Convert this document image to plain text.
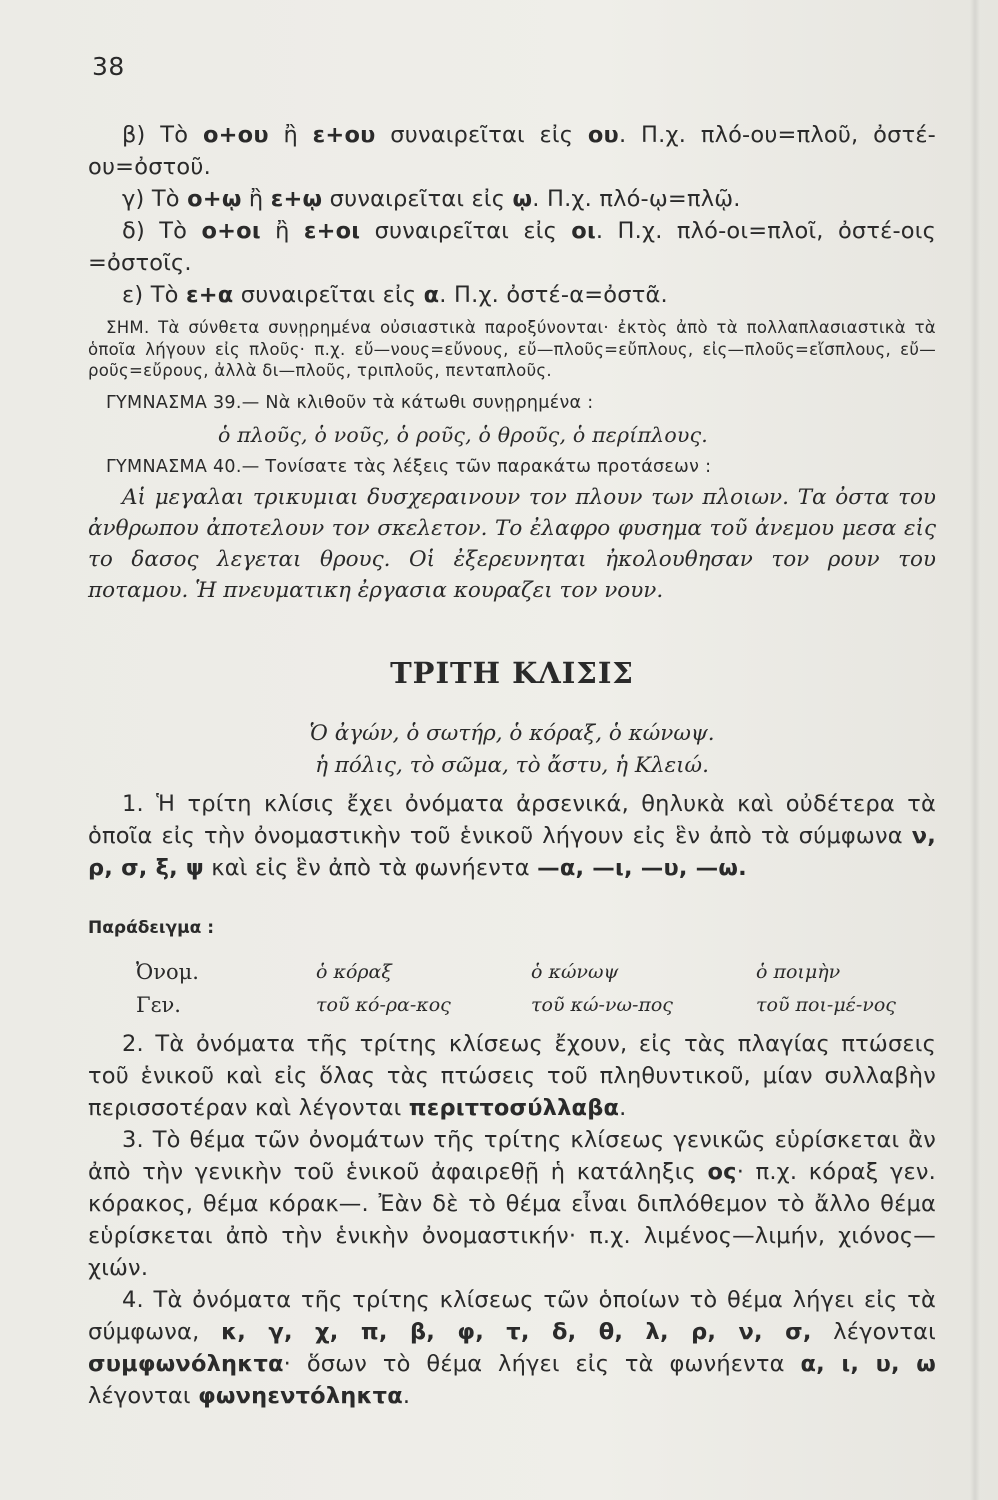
38

β) Τὸ ο+ου ἢ ε+ου συναιρεῖται εἰς ου. Π.χ. πλό-ου=πλοῦ, ὀστέ-ου=ὀστοῦ.

γ) Τὸ ο+ῳ ἢ ε+ῳ συναιρεῖται εἰς ῳ. Π.χ. πλό-ῳ=πλῷ.

δ) Τὸ ο+οι ἢ ε+οι συναιρεῖται εἰς οι. Π.χ. πλό-οι=πλοῖ, ὀστέ-οις =ὀστοῖς.

ε) Τὸ ε+α συναιρεῖται εἰς α. Π.χ. ὀστέ-α=ὀστᾶ.

ΣΗΜ. Τὰ σύνθετα συνῃρημένα οὐσιαστικὰ παροξύνονται· ἐκτὸς ἀπὸ τὰ πολλαπλασιαστικὰ τὰ ὁποῖα λήγουν εἰς πλοῦς· π.χ. εὔ—νους=εὔνους, εὔ—πλοῦς=εὔπλους, εἰς—πλοῦς=εἴσπλους, εὔ—ροῦς=εὔρους, ἀλλὰ δι—πλοῦς, τριπλοῦς, πενταπλοῦς.

ΓΥΜΝΑΣΜΑ 39.— Νὰ κλιθοῦν τὰ κάτωθι συνῃρημένα :

ὁ πλοῦς, ὁ νοῦς, ὁ ροῦς, ὁ θροῦς, ὁ περίπλους.

ΓΥΜΝΑΣΜΑ 40.— Τονίσατε τὰς λέξεις τῶν παρακάτω προτάσεων :

Αἱ μεγαλαι τρικυμιαι δυσχεραινουν τον πλουν των πλοιων. Τα ὀστα του ἀνθρωπου ἀποτελουν τον σκελετον. Το ἐλαφρο φυσημα τοῦ ἀνεμου μεσα εἰς το δασος λεγεται θρους. Οἱ ἐξερευνηται ἠκολουθησαν τον ρουν του ποταμου. Ἡ πνευματικη ἐργασια κουραζει τον νουν.

ΤΡΙΤΗ ΚΛΙΣΙΣ

Ὁ ἀγών, ὁ σωτήρ, ὁ κόραξ, ὁ κώνωψ.

ἡ πόλις, τὸ σῶμα, τὸ ἄστυ, ἡ Κλειώ.

1. Ἡ τρίτη κλίσις ἔχει ὀνόματα ἀρσενικά, θηλυκὰ καὶ οὐδέτερα τὰ ὁποῖα εἰς τὴν ὀνομαστικὴν τοῦ ἑνικοῦ λήγουν εἰς ἓν ἀπὸ τὰ σύμφωνα ν, ρ, σ, ξ, ψ καὶ εἰς ἓν ἀπὸ τὰ φωνήεντα —α, —ι, —υ, —ω.

Παράδειγμα :
Ὀνομ.	ὁ κόραξ	ὁ κώνωψ	ὁ ποιμὴν
Γεν.	τοῦ κό-ρα-κος	τοῦ κώ-νω-πος	τοῦ ποι-μέ-νος

2. Τὰ ὀνόματα τῆς τρίτης κλίσεως ἔχουν, εἰς τὰς πλαγίας πτώσεις τοῦ ἑνικοῦ καὶ εἰς ὅλας τὰς πτώσεις τοῦ πληθυντικοῦ, μίαν συλλαβὴν περισσοτέραν καὶ λέγονται περιττοσύλλαβα.

3. Τὸ θέμα τῶν ὀνομάτων τῆς τρίτης κλίσεως γενικῶς εὑρίσκεται ἂν ἀπὸ τὴν γενικὴν τοῦ ἑνικοῦ ἀφαιρεθῇ ἡ κατάληξις ος· π.χ. κόραξ γεν. κόρακος, θέμα κόρακ—. Ἐὰν δὲ τὸ θέμα εἶναι διπλόθεμον τὸ ἄλλο θέμα εὑρίσκεται ἀπὸ τὴν ἑνικὴν ὀνομαστικήν· π.χ. λιμένος—λιμήν, χιόνος—χιών.

4. Τὰ ὀνόματα τῆς τρίτης κλίσεως τῶν ὁποίων τὸ θέμα λήγει εἰς τὰ σύμφωνα, κ, γ, χ, π, β, φ, τ, δ, θ, λ, ρ, ν, σ, λέγονται συμφωνόληκτα· ὅσων τὸ θέμα λήγει εἰς τὰ φωνήεντα α, ι, υ, ω λέγονται φωνηεντόληκτα.
